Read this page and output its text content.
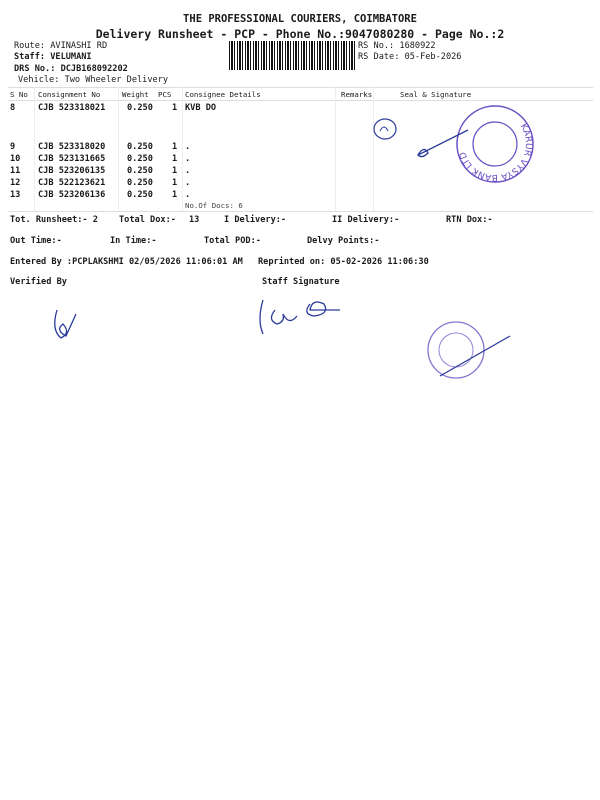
THE PROFESSIONAL COURIERS, COIMBATORE
Delivery Runsheet - PCP - Phone No.:9047080280 - Page No.:2
Route: AVINASHI RD
Staff: VELUMANI
DRS No.: DCJB168092202
Vehicle: Two Wheeler Delivery
RS No.: 1680922
RS Date: 05-Feb-2026
S No Consignment No	Weight PCS Consignee Details	Remarks	Seal & Signature
8	CJB 523318021	0.250 1 KVB DO
9	CJB 523318020	0.250 1 .
10 CJB 523131665	0.250 1 .
11 CJB 523206135	0.250 1 .
12 CJB 522123621	0.250 1 .
13 CJB 523206136	0.250 1 .
No.Of Docs: 6
Tot. Runsheet:- 2 Total Dox:- 13	I Delivery:-	II Delivery:-	RTN Dox:-
Out Time:-	In Time:-	Total POD:-	Delvy Points:-
Entered By :PCPLAKSHMI 02/05/2026 11:06:01 AM Reprinted on: 05-02-2026 11:06:30
Verified By	Staff Signature
KARUR VYSYA BANK LTD
